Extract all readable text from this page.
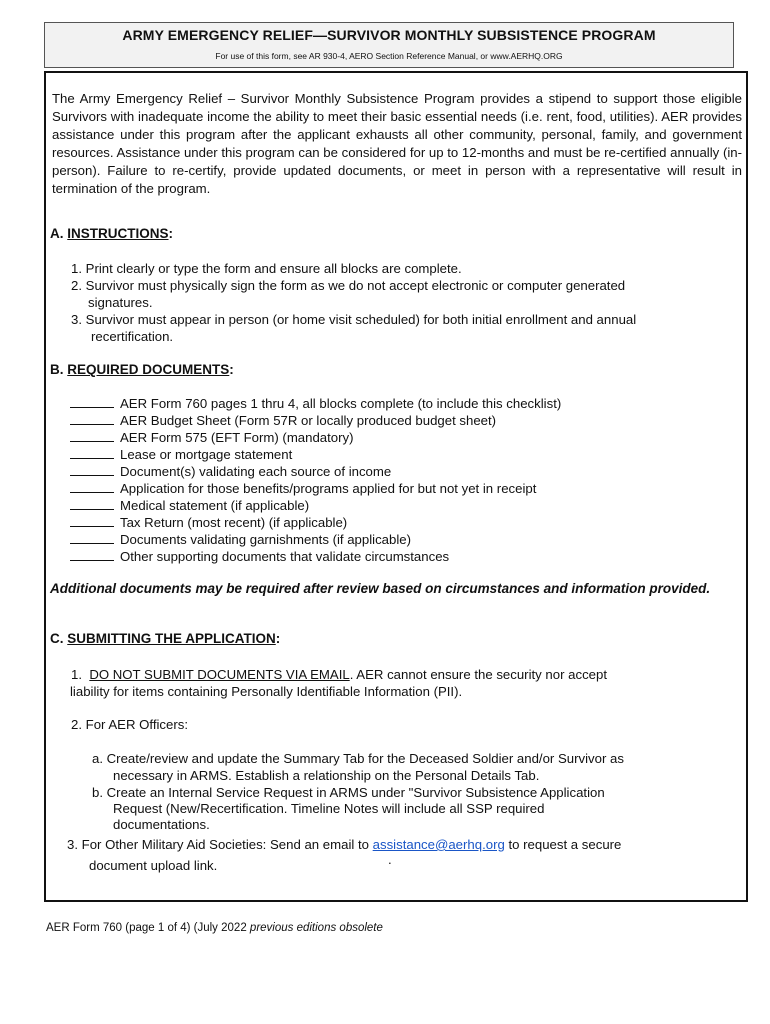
ARMY EMERGENCY RELIEF—SURVIVOR MONTHLY SUBSISTENCE PROGRAM
For use of this form, see AR 930-4, AERO Section Reference Manual, or www.AERHQ.ORG
The Army Emergency Relief – Survivor Monthly Subsistence Program provides a stipend to support those eligible Survivors with inadequate income the ability to meet their basic essential needs (i.e. rent, food, utilities). AER provides assistance under this program after the applicant exhausts all other community, personal, family, and government resources. Assistance under this program can be considered for up to 12-months and must be re-certified annually (in-person). Failure to re-certify, provide updated documents, or meet in person with a representative will result in termination of the program.
A. INSTRUCTIONS:
1. Print clearly or type the form and ensure all blocks are complete.
2. Survivor must physically sign the form as we do not accept electronic or computer generated
signatures.
3. Survivor must appear in person (or home visit scheduled) for both initial enrollment and annual
recertification.
B. REQUIRED DOCUMENTS:
AER Form 760 pages 1 thru 4, all blocks complete (to include this checklist)
AER Budget Sheet (Form 57R or locally produced budget sheet)
AER Form 575 (EFT Form) (mandatory)
Lease or mortgage statement
Document(s) validating each source of income
Application for those benefits/programs applied for but not yet in receipt
Medical statement (if applicable)
Tax Return (most recent) (if applicable)
Documents validating garnishments (if applicable)
Other supporting documents that validate circumstances
Additional documents may be required after review based on circumstances and information provided.
C. SUBMITTING THE APPLICATION:
1. DO NOT SUBMIT DOCUMENTS VIA EMAIL. AER cannot ensure the security nor accept
liability for items containing Personally Identifiable Information (PII).
2. For AER Officers:
a. Create/review and update the Summary Tab for the Deceased Soldier and/or Survivor as
necessary in ARMS. Establish a relationship on the Personal Details Tab.
b. Create an Internal Service Request in ARMS under "Survivor Subsistence Application
Request (New/Recertification. Timeline Notes will include all SSP required
documentations.
3. For Other Military Aid Societies: Send an email to assistance@aerhq.org to request a secure
document upload link.	.
AER Form 760 (page 1 of 4) (July 2022 previous editions obsolete
